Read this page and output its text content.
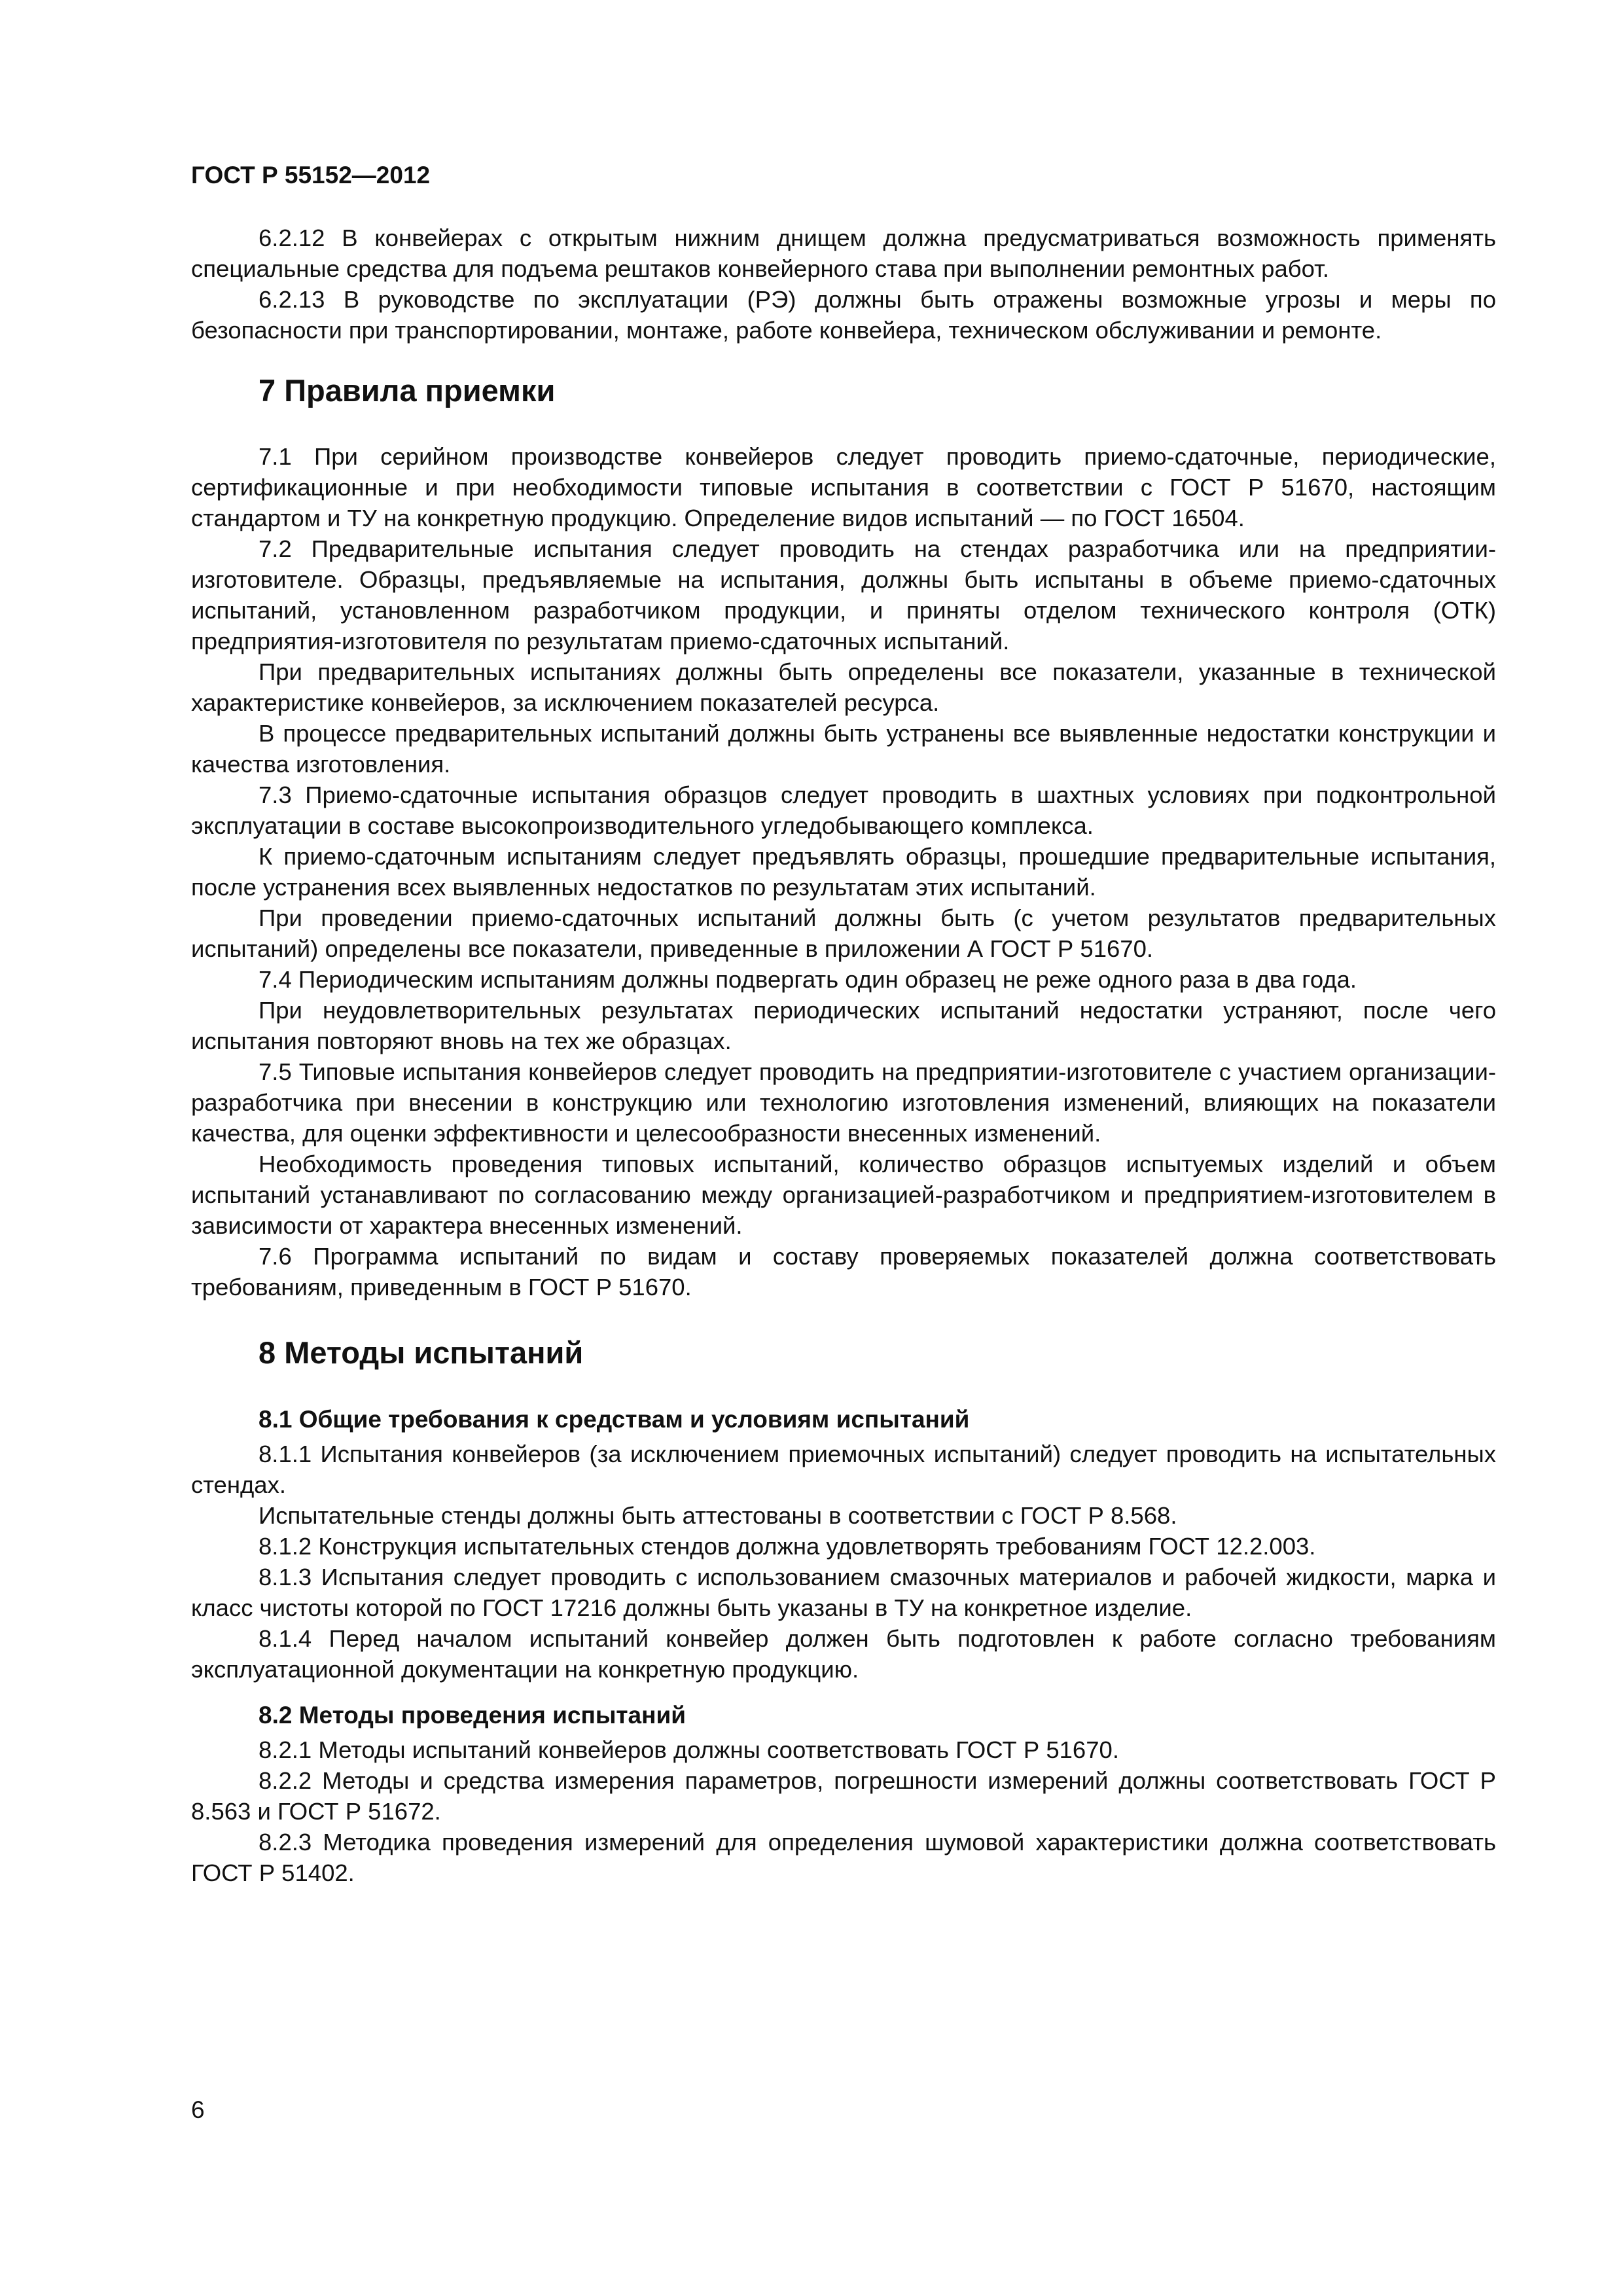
ГОСТ Р 55152—2012

6.2.12 В конвейерах с открытым нижним днищем должна предусматриваться возможность применять специальные средства для подъема рештаков конвейерного става при выполнении ремонтных работ.

6.2.13 В руководстве по эксплуатации (РЭ) должны быть отражены возможные угрозы и меры по безопасности при транспортировании, монтаже, работе конвейера, техническом обслуживании и ремонте.

7 Правила приемки

7.1 При серийном производстве конвейеров следует проводить приемо-сдаточные, периодические, сертификационные и при необходимости типовые испытания в соответствии с ГОСТ Р 51670, настоящим стандартом и ТУ на конкретную продукцию. Определение видов испытаний — по ГОСТ 16504.

7.2 Предварительные испытания следует проводить на стендах разработчика или на предприятии-изготовителе. Образцы, предъявляемые на испытания, должны быть испытаны в объеме приемо-сдаточных испытаний, установленном разработчиком продукции, и приняты отделом технического контроля (ОТК) предприятия-изготовителя по результатам приемо-сдаточных испытаний.

При предварительных испытаниях должны быть определены все показатели, указанные в технической характеристике конвейеров, за исключением показателей ресурса.

В процессе предварительных испытаний должны быть устранены все выявленные недостатки конструкции и качества изготовления.

7.3 Приемо-сдаточные испытания образцов следует проводить в шахтных условиях при подконтрольной эксплуатации в составе высокопроизводительного угледобывающего комплекса.

К приемо-сдаточным испытаниям следует предъявлять образцы, прошедшие предварительные испытания, после устранения всех выявленных недостатков по результатам этих испытаний.

При проведении приемо-сдаточных испытаний должны быть (с учетом результатов предварительных испытаний) определены все показатели, приведенные в приложении А ГОСТ Р 51670.

7.4 Периодическим испытаниям должны подвергать один образец не реже одного раза в два года.

При неудовлетворительных результатах периодических испытаний недостатки устраняют, после чего испытания повторяют вновь на тех же образцах.

7.5 Типовые испытания конвейеров следует проводить на предприятии-изготовителе с участием организации-разработчика при внесении в конструкцию или технологию изготовления изменений, влияющих на показатели качества, для оценки эффективности и целесообразности внесенных изменений.

Необходимость проведения типовых испытаний, количество образцов испытуемых изделий и объем испытаний устанавливают по согласованию между организацией-разработчиком и предприятием-изготовителем в зависимости от характера внесенных изменений.

7.6 Программа испытаний по видам и составу проверяемых показателей должна соответствовать требованиям, приведенным в ГОСТ Р 51670.

8 Методы испытаний
8.1 Общие требования к средствам и условиям испытаний

8.1.1 Испытания конвейеров (за исключением приемочных испытаний) следует проводить на испытательных стендах.

Испытательные стенды должны быть аттестованы в соответствии с ГОСТ Р 8.568.

8.1.2 Конструкция испытательных стендов должна удовлетворять требованиям ГОСТ 12.2.003.

8.1.3 Испытания следует проводить с использованием смазочных материалов и рабочей жидкости, марка и класс чистоты которой по ГОСТ 17216 должны быть указаны в ТУ на конкретное изделие.

8.1.4 Перед началом испытаний конвейер должен быть подготовлен к работе согласно требованиям эксплуатационной документации на конкретную продукцию.

8.2 Методы проведения испытаний

8.2.1 Методы испытаний конвейеров должны соответствовать ГОСТ Р 51670.

8.2.2 Методы и средства измерения параметров, погрешности измерений должны соответствовать ГОСТ Р 8.563 и ГОСТ Р 51672.

8.2.3 Методика проведения измерений для определения шумовой характеристики должна соответствовать ГОСТ Р 51402.

6
